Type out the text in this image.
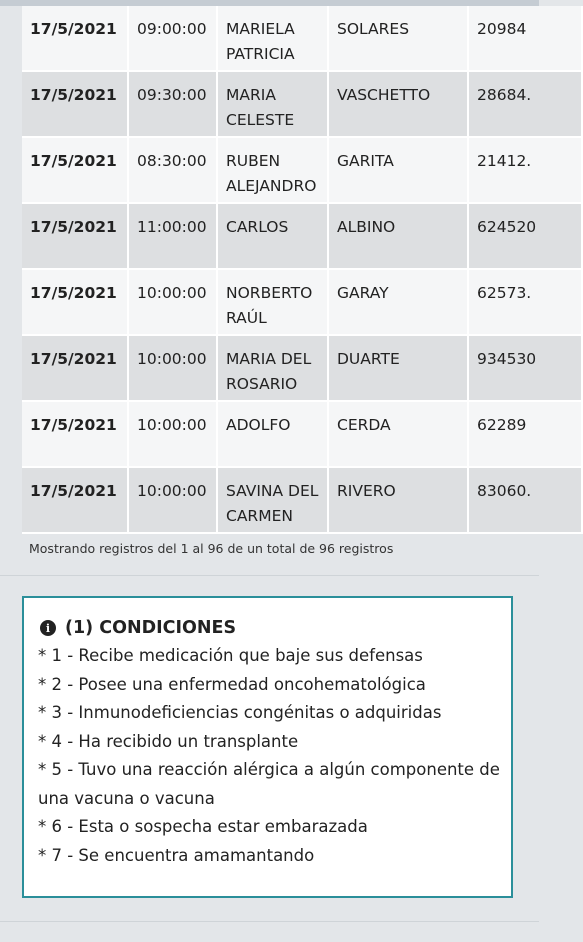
17/5/2021	09:00:00	MARIELA PATRICIA	SOLARES	20984
17/5/2021	09:30:00	MARIA CELESTE	VASCHETTO	28684.
17/5/2021	08:30:00	RUBEN ALEJANDRO	GARITA	21412.
17/5/2021	11:00:00	CARLOS	ALBINO	624520
17/5/2021	10:00:00	NORBERTO RAÚL	GARAY	62573.
17/5/2021	10:00:00	MARIA DEL ROSARIO	DUARTE	934530
17/5/2021	10:00:00	ADOLFO	CERDA	62289
17/5/2021	10:00:00	SAVINA DEL CARMEN	RIVERO	83060.
Mostrando registros del 1 al 96 de un total de 96 registros
i (1) CONDICIONES
* 1 - Recibe medicación que baje sus defensas
* 2 - Posee una enfermedad oncohematológica
* 3 - Inmunodeficiencias congénitas o adquiridas
* 4 - Ha recibido un transplante
* 5 - Tuvo una reacción alérgica a algún componente de una vacuna o vacuna
* 6 - Esta o sospecha estar embarazada
* 7 - Se encuentra amamantando
